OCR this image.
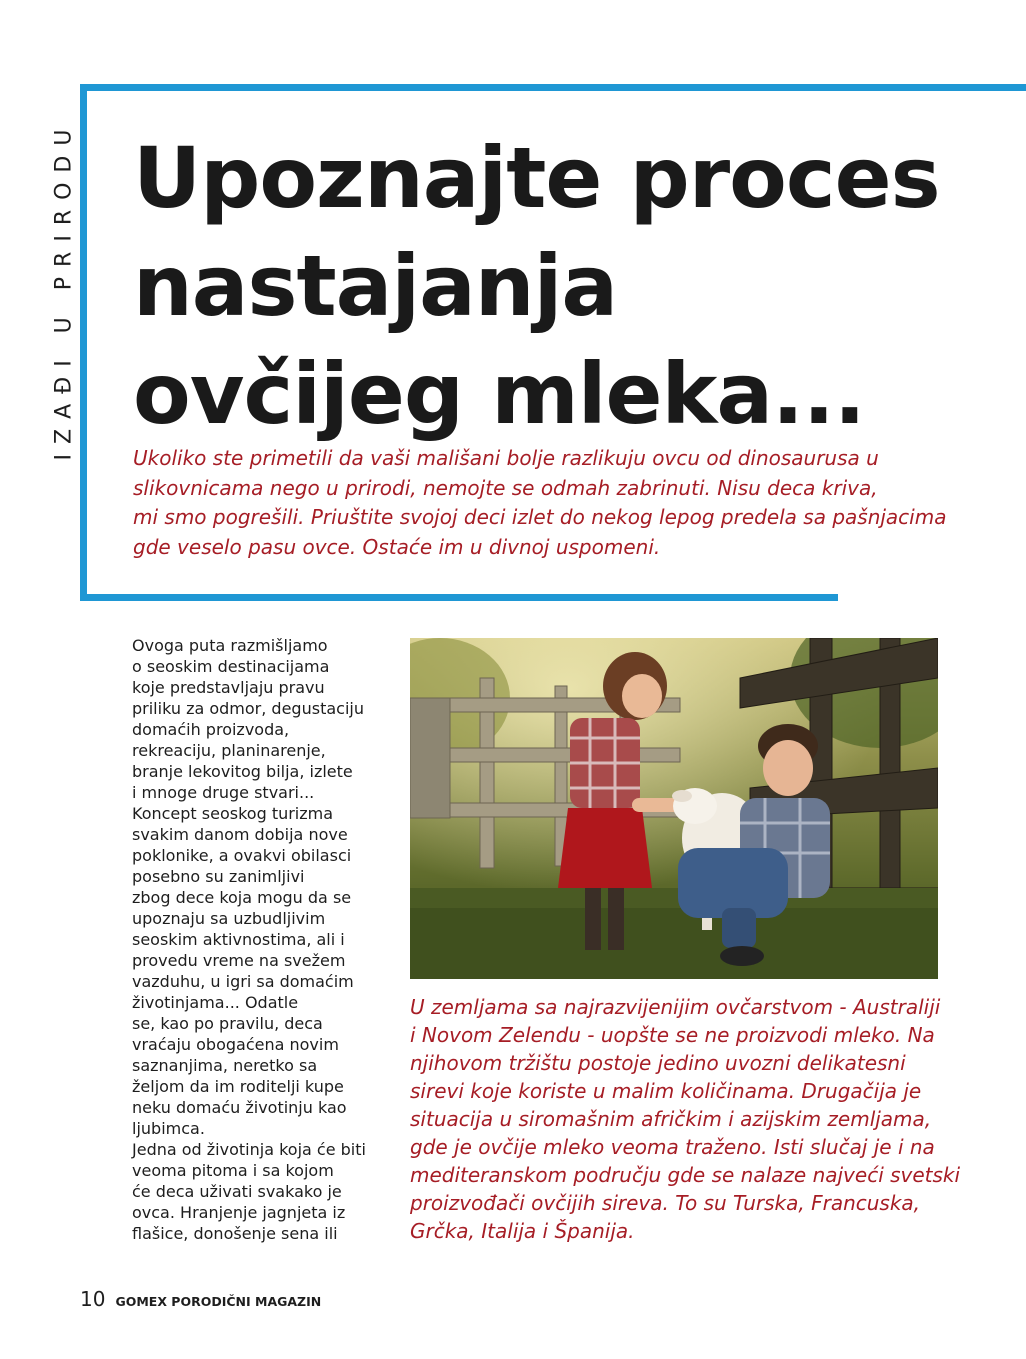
IZAĐI U PRIRODU Upoznajte proces
nastajanja
ovčijeg mleka...

Ukoliko ste primetili da vaši mališani bolje razlikuju ovcu od dinosaurusa u
slikovnicama nego u prirodi, nemojte se odmah zabrinuti. Nisu deca kriva,
mi smo pogrešili. Priuštite svojoj deci izlet do nekog lepog predela sa pašnjacima
gde veselo pasu ovce. Ostaće im u divnoj uspomeni.

Ovoga puta razmišljamo
o seoskim destinacijama
koje predstavljaju pravu
priliku za odmor, degustaciju
domaćih proizvoda,
rekreaciju, planinarenje,
branje lekovitog bilja, izlete
i mnoge druge stvari...
Koncept seoskog turizma
svakim danom dobija nove
poklonike, a ovakvi obilasci
posebno su zanimljivi
zbog dece koja mogu da se
upoznaju sa uzbudljivim
seoskim aktivnostima, ali i
provedu vreme na svežem
vazduhu, u igri sa domaćim
životinjama... Odatle
se, kao po pravilu, deca
vraćaju obogaćena novim
saznanjima, neretko sa
željom da im roditelji kupe
neku domaću životinju kao
ljubimca.
Jedna od životinja koja će biti
veoma pitoma i sa kojom
će deca uživati svakako je
ovca. Hranjenje jagnjeta iz
flašice, donošenje sena ili

U zemljama sa najrazvijenijim ovčarstvom - Australiji
i Novom Zelendu - uopšte se ne proizvodi mleko. Na
njihovom tržištu postoje jedino uvozni delikatesni
sirevi koje koriste u malim količinama. Drugačija je
situacija u siromašnim afričkim i azijskim zemljama,
gde je ovčije mleko veoma traženo. Isti slučaj je i na
mediteranskom području gde se nalaze najveći svetski
proizvođači ovčijih sireva. To su Turska, Francuska,
Grčka, Italija i Španija.

10 GOMEX PORODIČNI MAGAZIN
